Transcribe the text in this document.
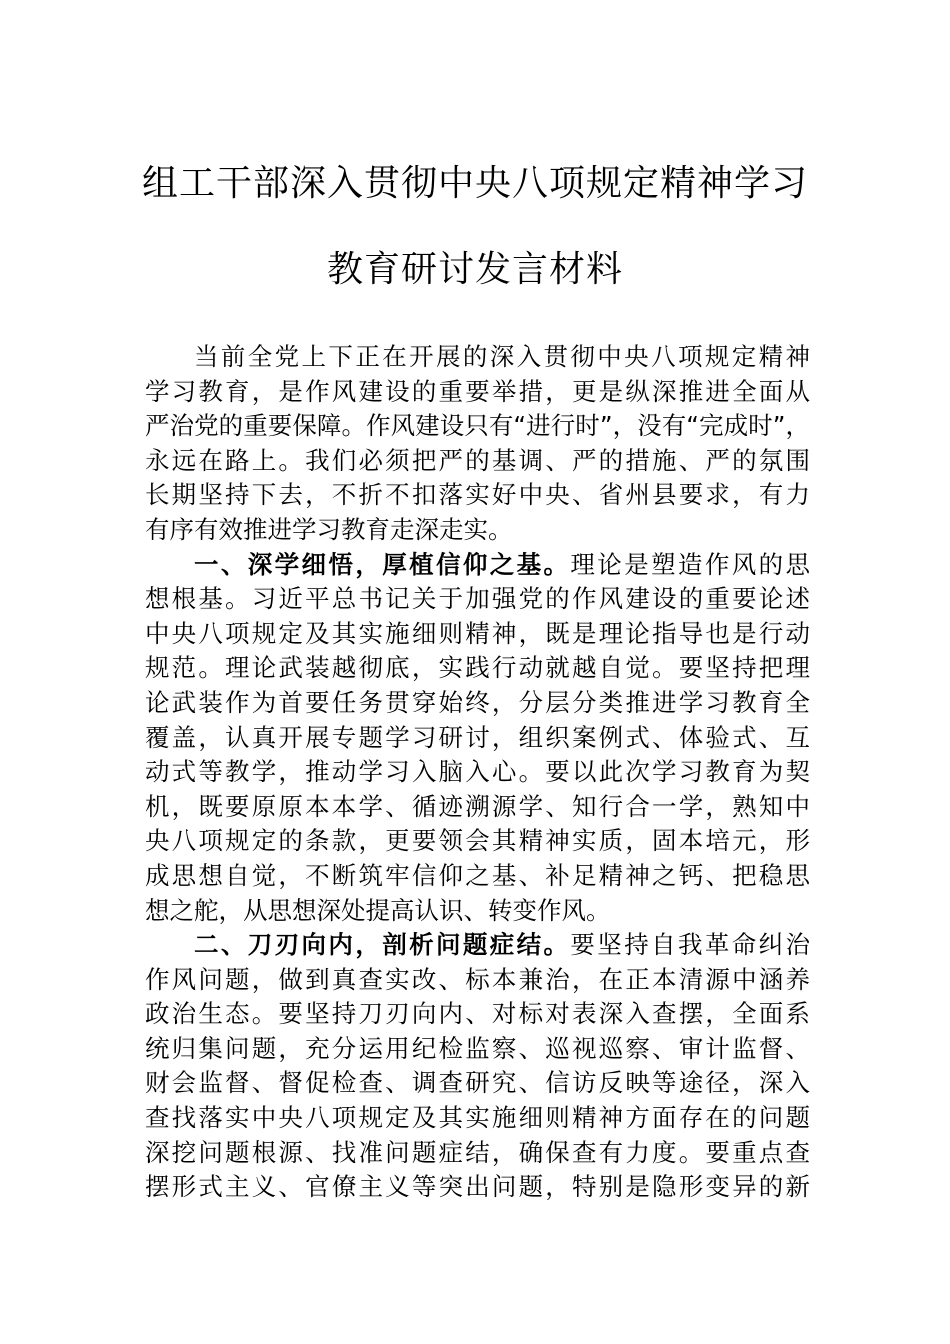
组工干部深入贯彻中央八项规定精神学习
教育研讨发言材料
当前全党上下正在开展的深入贯彻中央八项规定精神
学习教育，是作风建设的重要举措，更是纵深推进全面从
严治党的重要保障。作风建设只有“进行时”，没有“完成时”，
永远在路上。我们必须把严的基调、严的措施、严的氛围
长期坚持下去，不折不扣落实好中央、省州县要求，有力
有序有效推进学习教育走深走实。
一、深学细悟，厚植信仰之基。理论是塑造作风的思
想根基。习近平总书记关于加强党的作风建设的重要论述
中央八项规定及其实施细则精神，既是理论指导也是行动
规范。理论武装越彻底，实践行动就越自觉。要坚持把理
论武装作为首要任务贯穿始终，分层分类推进学习教育全
覆盖，认真开展专题学习研讨，组织案例式、体验式、互
动式等教学，推动学习入脑入心。要以此次学习教育为契
机，既要原原本本学、循迹溯源学、知行合一学，熟知中
央八项规定的条款，更要领会其精神实质，固本培元，形
成思想自觉，不断筑牢信仰之基、补足精神之钙、把稳思
想之舵，从思想深处提高认识、转变作风。
二、刀刃向内，剖析问题症结。要坚持自我革命纠治
作风问题，做到真查实改、标本兼治，在正本清源中涵养
政治生态。要坚持刀刃向内、对标对表深入查摆，全面系
统归集问题，充分运用纪检监察、巡视巡察、审计监督、
财会监督、督促检查、调查研究、信访反映等途径，深入
查找落实中央八项规定及其实施细则精神方面存在的问题
深挖问题根源、找准问题症结，确保查有力度。要重点查
摆形式主义、官僚主义等突出问题，特别是隐形变异的新
